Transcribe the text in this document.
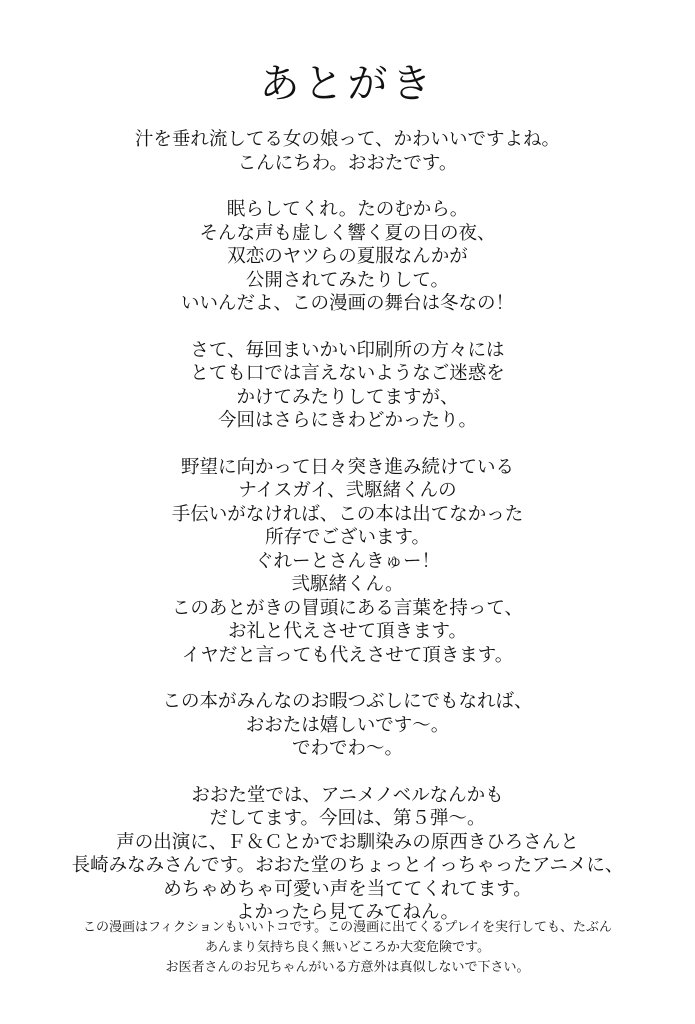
あとがき
汁を垂れ流してる女の娘って、かわいいですよね。
こんにちわ。おおたです。
眠らしてくれ。たのむから。
そんな声も虚しく響く夏の日の夜、
双恋のヤツらの夏服なんかが
公開されてみたりして。
いいんだよ、この漫画の舞台は冬なの！
さて、毎回まいかい印刷所の方々には
とても口では言えないようなご迷惑を
かけてみたりしてますが、
今回はさらにきわどかったり。
野望に向かって日々突き進み続けている
ナイスガイ、弐駆緒くんの
手伝いがなければ、この本は出てなかった
所存でございます。
ぐれーとさんきゅー！
弐駆緒くん。
このあとがきの冒頭にある言葉を持って、
お礼と代えさせて頂きます。
イヤだと言っても代えさせて頂きます。
この本がみんなのお暇つぶしにでもなれば、
おおたは嬉しいです～。
でわでわ～。
おおた堂では、アニメノベルなんかも
だしてます。今回は、第５弾～。
声の出演に、Ｆ＆Ｃとかでお馴染みの原西きひろさんと
長崎みなみさんです。おおた堂のちょっとイっちゃったアニメに、
めちゃめちゃ可愛い声を当ててくれてます。
よかったら見てみてねん。
この漫画はフィクションもいいトコです。この漫画に出てくるプレイを実行しても、たぶん
あんまり気持ち良く無いどころか大変危険です。
お医者さんのお兄ちゃんがいる方意外は真似しないで下さい。
